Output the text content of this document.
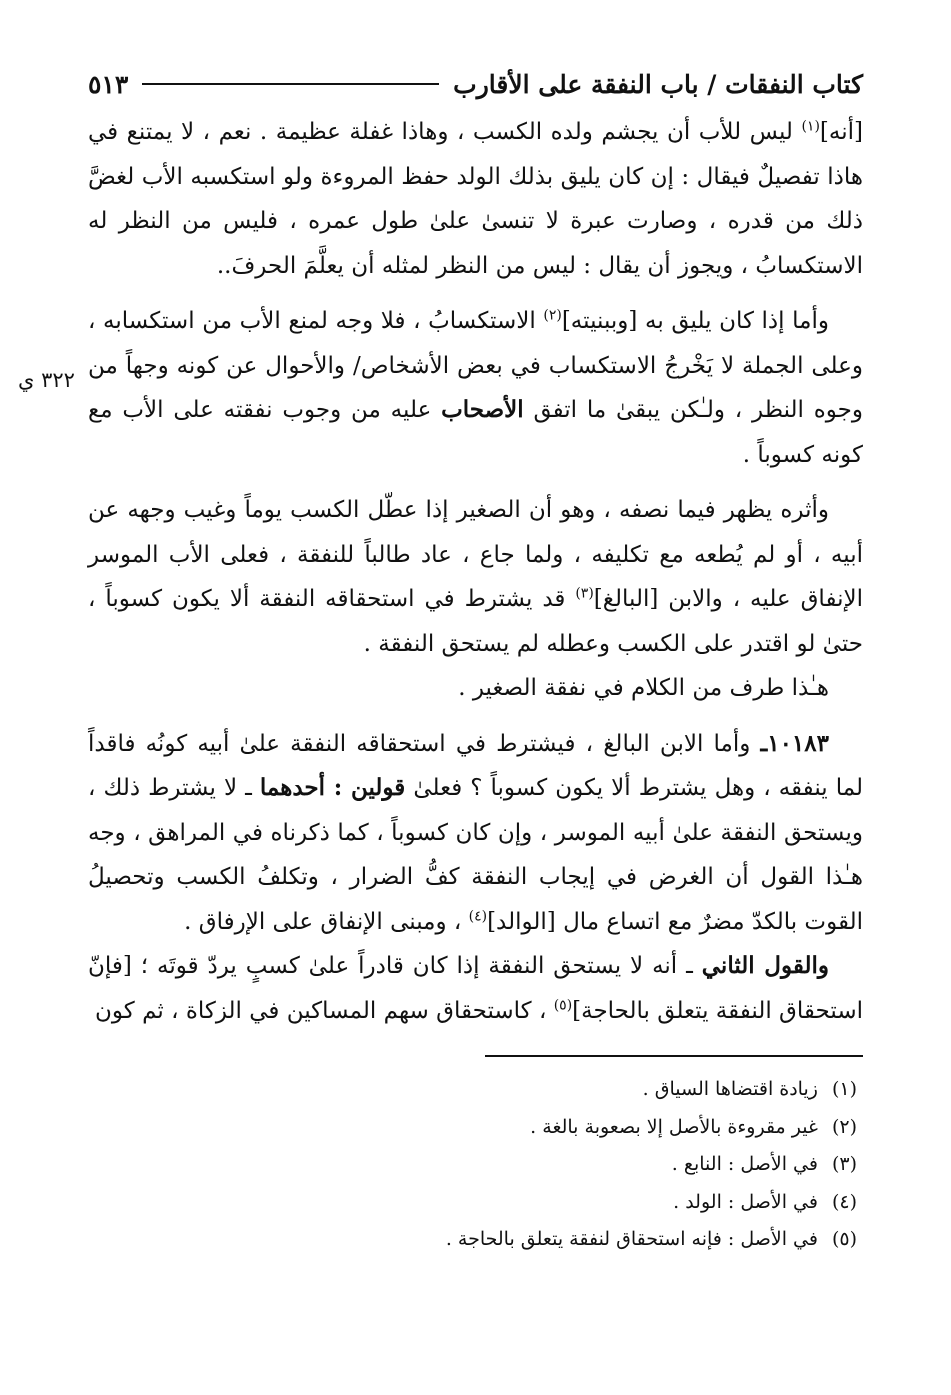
كتاب النفقات / باب النفقة على الأقارب
٥١٣
٣٢٢ ي

[أنه]$^{(١)}$ ليس للأب أن يجشم ولده الكسب ، وهاذا غفلة عظيمة . نعم ، لا يمتنع في هاذا تفصيلٌ فيقال : إن كان يليق بذلك الولد حفظ المروءة ولو استكسبه الأب لغضَّ ذلك من قدره ، وصارت عبرة لا تنسىٰ علىٰ طول عمره ، فليس من النظر له الاستكسابُ ، ويجوز أن يقال : ليس من النظر لمثله أن يعلَّمَ الحرفَ..

وأما إذا كان يليق به [وببنيته]$^{(٢)}$ الاستكسابُ ، فلا وجه لمنع الأب من استكسابه ، وعلى الجملة لا يَخْرجُ الاستكساب في بعض الأشخاص/ والأحوال عن كونه وجهاً من وجوه النظر ، ولـٰكن يبقىٰ ما اتفق الأصحاب عليه من وجوب نفقته على الأب مع كونه كسوباً .

وأثره يظهر فيما نصفه ، وهو أن الصغير إذا عطّل الكسب يوماً وغيب وجهه عن أبيه ، أو لم يُطعه مع تكليفه ، ولما جاع ، عاد طالباً للنفقة ، فعلى الأب الموسر الإنفاق عليه ، والابن [البالغ]$^{(٣)}$ قد يشترط في استحقاقه النفقة ألا يكون كسوباً ، حتىٰ لو اقتدر على الكسب وعطله لم يستحق النفقة .

هـٰذا طرف من الكلام في نفقة الصغير .

١٠١٨٣ـ وأما الابن البالغ ، فيشترط في استحقاقه النفقة علىٰ أبيه كونُه فاقداً لما ينفقه ، وهل يشترط ألا يكون كسوباً ؟ فعلىٰ قولين : أحدهما ـ لا يشترط ذلك ، ويستحق النفقة علىٰ أبيه الموسر ، وإن كان كسوباً ، كما ذكرناه في المراهق ، وجه هـٰذا القول أن الغرض في إيجاب النفقة كفُّ الضرار ، وتكلفُ الكسب وتحصيلُ القوت بالكدّ مضرٌ مع اتساع مال [الوالد]$^{(٤)}$ ، ومبنى الإنفاق على الإرفاق .

والقول الثاني ـ أنه لا يستحق النفقة إذا كان قادراً علىٰ كسبٍ يردّ قوتَه ؛ [فإنّ استحقاق النفقة يتعلق بالحاجة]$^{(٥)}$ ، كاستحقاق سهم المساكين في الزكاة ، ثم كون

(١)
زيادة اقتضاها السياق .
(٢)
غير مقروءة بالأصل إلا بصعوبة بالغة .
(٣)
في الأصل : النابع .
(٤)
في الأصل : الولد .
(٥)
في الأصل : فإنه استحقاق لنفقة يتعلق بالحاجة .
